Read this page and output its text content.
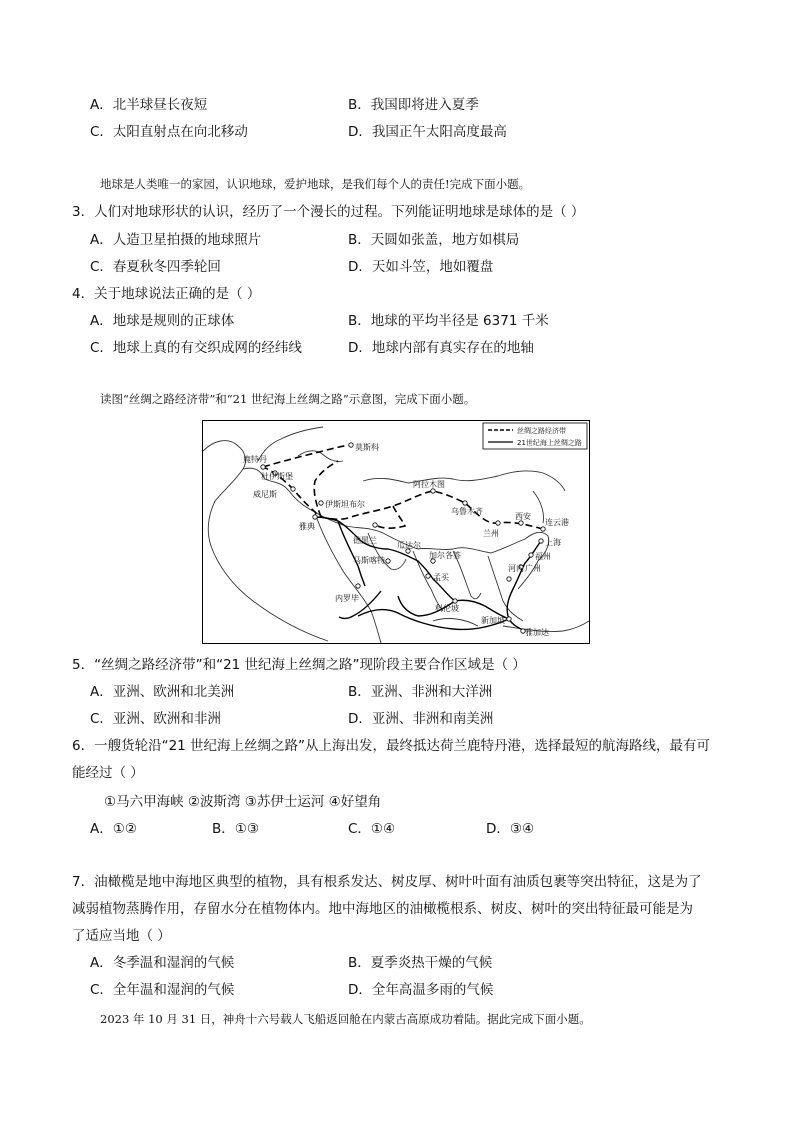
A．北半球昼长夜短	B．我国即将进入夏季
C．太阳直射点在向北移动	D．我国正午太阳高度最高
地球是人类唯一的家园，认识地球，爱护地球，是我们每个人的责任!完成下面小题。
3．人们对地球形状的认识，经历了一个漫长的过程。下列能证明地球是球体的是（ ）
A．人造卫星拍摄的地球照片	B．天圆如张盖，地方如棋局
C．春夏秋冬四季轮回	D．天如斗笠，地如覆盘
4．关于地球说法正确的是（ ）
A．地球是规则的正球体	B．地球的平均半径是 6371 千米
C．地球上真的有交织成网的经纬线	D．地球内部有真实存在的地轴
读图“丝绸之路经济带”和“21 世纪海上丝绸之路”示意图，完成下面小题。
莫斯科
鹿特丹
杜伊斯堡
威尼斯
伊斯坦布尔
雅典
阿拉木图
乌鲁木齐
兰州
西安
连云港
上海
福州
广州
河内
德黑兰
瓜达尔
马斯喀特
加尔各答
孟买
科伦坡
内罗毕
新加坡
雅加达
丝绸之路经济带
21世纪海上丝绸之路
5．“丝绸之路经济带”和“21 世纪海上丝绸之路”现阶段主要合作区域是（ ）
A．亚洲、欧洲和北美洲	B．亚洲、非洲和大洋洲
C．亚洲、欧洲和非洲	D．亚洲、非洲和南美洲
6．一艘货轮沿“21 世纪海上丝绸之路”从上海出发，最终抵达荷兰鹿特丹港，选择最短的航海路线，最有可
能经过（ ）
①马六甲海峡 ②波斯湾 ③苏伊士运河 ④好望角
A．①②	B．①③	C．①④	D．③④
7．油橄榄是地中海地区典型的植物，具有根系发达、树皮厚、树叶叶面有油质包裹等突出特征，这是为了
减弱植物蒸腾作用，存留水分在植物体内。地中海地区的油橄榄根系、树皮、树叶的突出特征最可能是为
了适应当地（ ）
A．冬季温和湿润的气候	B．夏季炎热干燥的气候
C．全年温和湿润的气候	D．全年高温多雨的气候
2023 年 10 月 31 日，神舟十六号载人飞船返回舱在内蒙古高原成功着陆。据此完成下面小题。
